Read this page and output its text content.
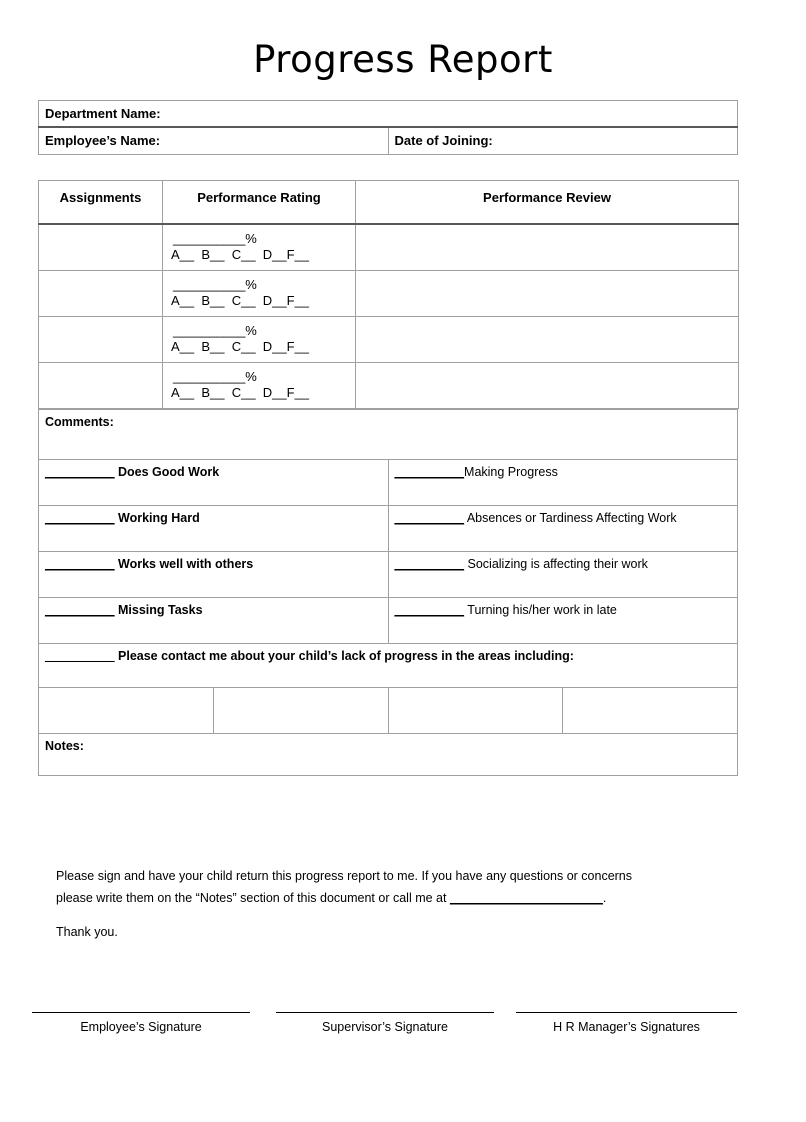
Progress Report
Department Name:
Employee’s Name:	Date of Joining:
Assignments	Performance Rating	Performance Review

	__________%
A__  B__  C__  D__F__	

	__________%
A__  B__  C__  D__F__	

	__________%
A__  B__  C__  D__F__	

	__________%
A__  B__  C__  D__F__	

Comments:			
__________ Does Good Work		__________Making Progress	
__________ Working Hard		__________ Absences or Tardiness Affecting Work	
__________ Works well with others		__________ Socializing is affecting their work	
__________ Missing Tasks		__________ Turning his/her work in late	
__________ Please contact me about your child’s lack of progress in the areas including:			

Notes:			
Please sign and have your child return this progress report to me. If you have any questions or concerns
please write them on the “Notes” section of this document or call me at ______________________.
Thank you.
Employee’s Signature	Supervisor’s Signature	H R Manager’s Signatures
